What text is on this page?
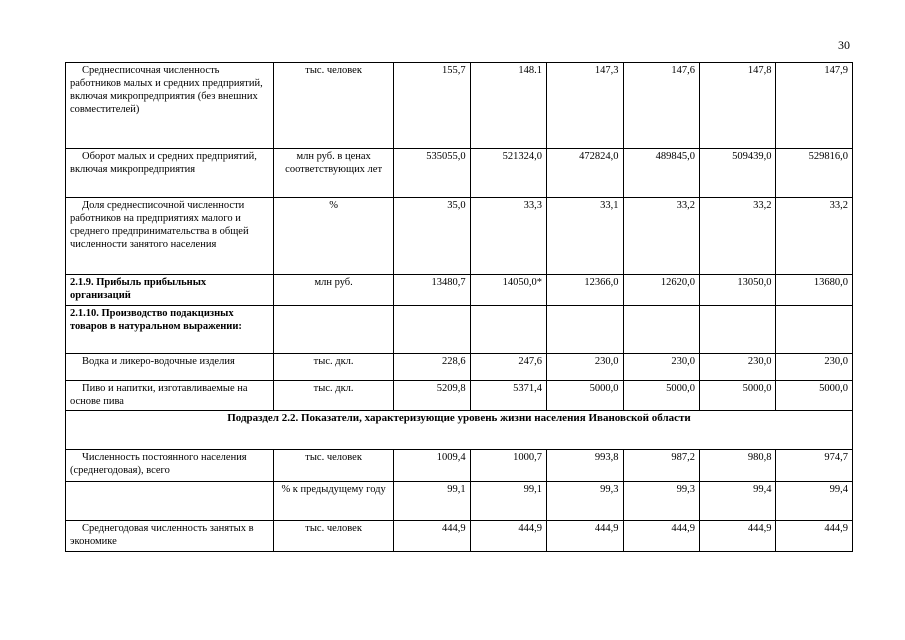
30
Среднесписочная численность работников малых и средних предприятий, включая микропредприятия (без внешних совместителей)	тыс. человек	155,7	148.1	147,3	147,6	147,8	147,9
Оборот малых и средних предприятий, включая микропредприятия	млн руб. в ценах соответствующих лет	535055,0	521324,0	472824,0	489845,0	509439,0	529816,0
Доля среднесписочной численности работников на предприятиях малого и среднего предпринимательства в общей численности занятого населения	%	35,0	33,3	33,1	33,2	33,2	33,2
2.1.9. Прибыль прибыльных организаций	млн руб.	13480,7	14050,0*	12366,0	12620,0	13050,0	13680,0
2.1.10. Производство подакцизных товаров в натуральном выражении:							
Водка и ликеро-водочные изделия	тыс. дкл.	228,6	247,6	230,0	230,0	230,0	230,0
Пиво и напитки, изготавливаемые на основе пива	тыс. дкл.	5209,8	5371,4	5000,0	5000,0	5000,0	5000,0
Подраздел 2.2. Показатели, характеризующие уровень жизни населения Ивановской области							
Численность постоянного населения (среднегодовая), всего	тыс. человек	1009,4	1000,7	993,8	987,2	980,8	974,7
	% к предыдущему году	99,1	99,1	99,3	99,3	99,4	99,4
Среднегодовая численность занятых в экономике	тыс. человек	444,9	444,9	444,9	444,9	444,9	444,9
